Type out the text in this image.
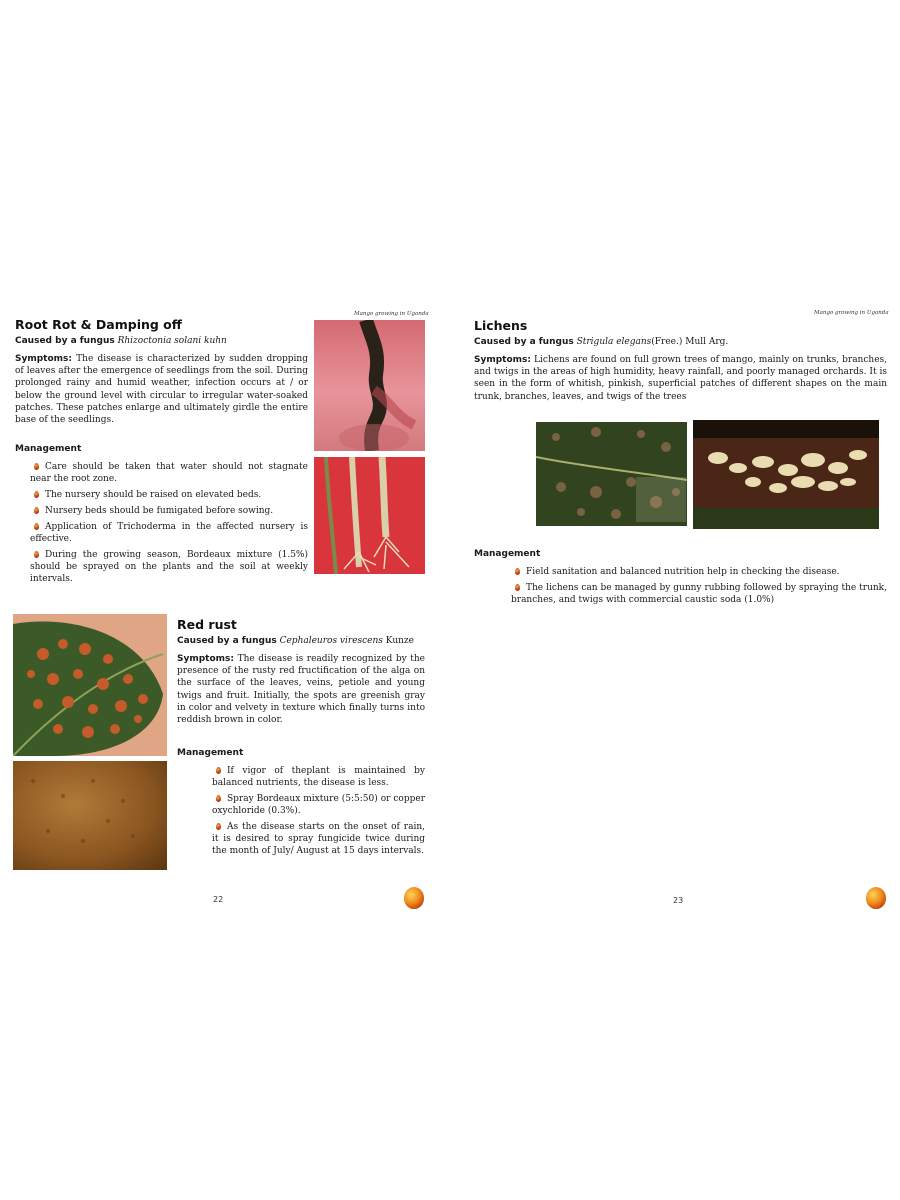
Mango growing in Uganda
Root Rot & Damping off
Caused by a fungus Rhizoctonia solani kuhn
Symptoms: The disease is characterized by sudden dropping of leaves after the emergence of seedlings from the soil. During prolonged rainy and humid weather, infection occurs at / or below the ground level with circular to irregular water-soaked patches. These patches enlarge and ultimately girdle the entire base of the seedlings.
Management
Care should be taken that water should not stagnate near the root zone.
The nursery should be raised on elevated beds.
Nursery beds should be fumigated before sowing.
Application of Trichoderma in the affected nursery is effective.
During the growing season, Bordeaux mixture (1.5%) should be sprayed on the plants and the soil at weekly intervals.
Red rust
Caused by a fungus Cephaleuros virescens Kunze
Symptoms: The disease is readily recognized by the presence of the rusty red fructification of the alga on the surface of the leaves, veins, petiole and young twigs and fruit. Initially, the spots are greenish gray in color and velvety in texture which finally turns into reddish brown in color.
Management
If vigor of theplant is maintained by balanced nutrients, the disease is less.
Spray Bordeaux mixture (5:5:50) or copper oxychloride (0.3%).
As the disease starts on the onset of rain, it is desired to spray fungicide twice during the month of July/ August at 15 days intervals.
22
Mango growing in Uganda
Lichens
Caused by a fungus Strigula elegans(Free.) Mull Arg.
Symptoms: Lichens are found on full grown trees of mango, mainly on trunks, branches, and twigs in the areas of high humidity, heavy rainfall, and poorly managed orchards. It is seen in the form of whitish, pinkish, superficial patches of different shapes on the main trunk, branches, leaves, and twigs of the trees
Management
Field sanitation and balanced nutrition help in checking the disease.
The lichens can be managed by gunny rubbing followed by spraying the trunk, branches, and twigs with commercial caustic soda (1.0%)
23
